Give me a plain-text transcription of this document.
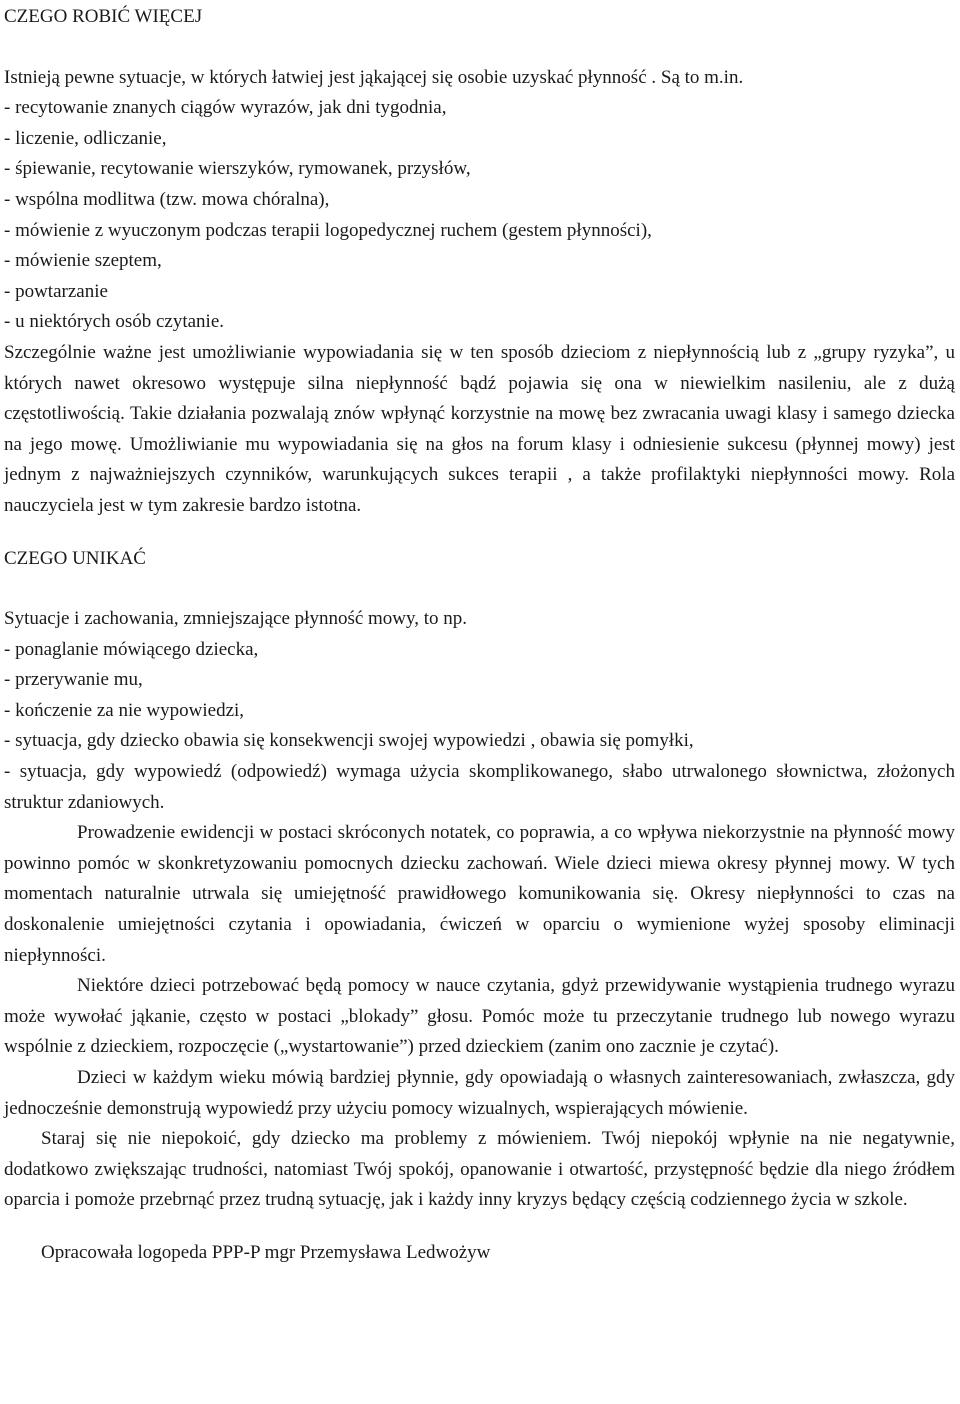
CZEGO ROBIĆ WIĘCEJ

Istnieją pewne sytuacje, w których łatwiej jest jąkającej się osobie uzyskać płynność . Są to m.in.

- recytowanie znanych ciągów wyrazów, jak dni tygodnia,

- liczenie, odliczanie,

- śpiewanie, recytowanie wierszyków, rymowanek, przysłów,

- wspólna modlitwa (tzw. mowa chóralna),

- mówienie z wyuczonym podczas terapii logopedycznej ruchem (gestem płynności),

- mówienie szeptem,

- powtarzanie

- u niektórych osób czytanie.

Szczególnie ważne jest umożliwianie wypowiadania się w ten sposób dzieciom z niepłynnością lub z „grupy ryzyka”, u których nawet okresowo występuje silna niepłynność bądź pojawia się ona w niewielkim nasileniu, ale z dużą częstotliwością. Takie działania pozwalają znów wpłynąć korzystnie na mowę bez zwracania uwagi klasy i samego dziecka na jego mowę. Umożliwianie mu wypowiadania się na głos na forum klasy i odniesienie sukcesu (płynnej mowy) jest jednym z najważniejszych czynników, warunkujących sukces terapii , a także profilaktyki niepłynności mowy. Rola nauczyciela jest w tym zakresie bardzo istotna.

CZEGO UNIKAĆ

Sytuacje i zachowania, zmniejszające płynność mowy, to np.

- ponaglanie mówiącego dziecka,

- przerywanie mu,

- kończenie za nie wypowiedzi,

- sytuacja, gdy dziecko obawia się konsekwencji swojej wypowiedzi , obawia się pomyłki,

- sytuacja, gdy wypowiedź (odpowiedź) wymaga użycia skomplikowanego, słabo utrwalonego słownictwa, złożonych struktur zdaniowych.

Prowadzenie ewidencji w postaci skróconych notatek, co poprawia, a co wpływa niekorzystnie na płynność mowy powinno pomóc w skonkretyzowaniu pomocnych dziecku zachowań. Wiele dzieci miewa okresy płynnej mowy. W tych momentach naturalnie utrwala się umiejętność prawidłowego komunikowania się. Okresy niepłynności to czas na doskonalenie umiejętności czytania i opowiadania, ćwiczeń w oparciu o wymienione wyżej sposoby eliminacji niepłynności.

Niektóre dzieci potrzebować będą pomocy w nauce czytania, gdyż przewidywanie wystąpienia trudnego wyrazu może wywołać jąkanie, często w postaci „blokady” głosu. Pomóc może tu przeczytanie trudnego lub nowego wyrazu wspólnie z dzieckiem, rozpoczęcie („wystartowanie”) przed dzieckiem (zanim ono zacznie je czytać).

Dzieci w każdym wieku mówią bardziej płynnie, gdy opowiadają o własnych zainteresowaniach, zwłaszcza, gdy jednocześnie demonstrują wypowiedź przy użyciu pomocy wizualnych, wspierających mówienie.

Staraj się nie niepokoić, gdy dziecko ma problemy z mówieniem. Twój niepokój wpłynie na nie negatywnie, dodatkowo zwiększając trudności, natomiast Twój spokój, opanowanie i otwartość, przystępność będzie dla niego źródłem oparcia i pomoże przebrnąć przez trudną sytuację, jak i każdy inny kryzys będący częścią codziennego życia w szkole.

Opracowała logopeda PPP-P mgr Przemysława Ledwożyw
